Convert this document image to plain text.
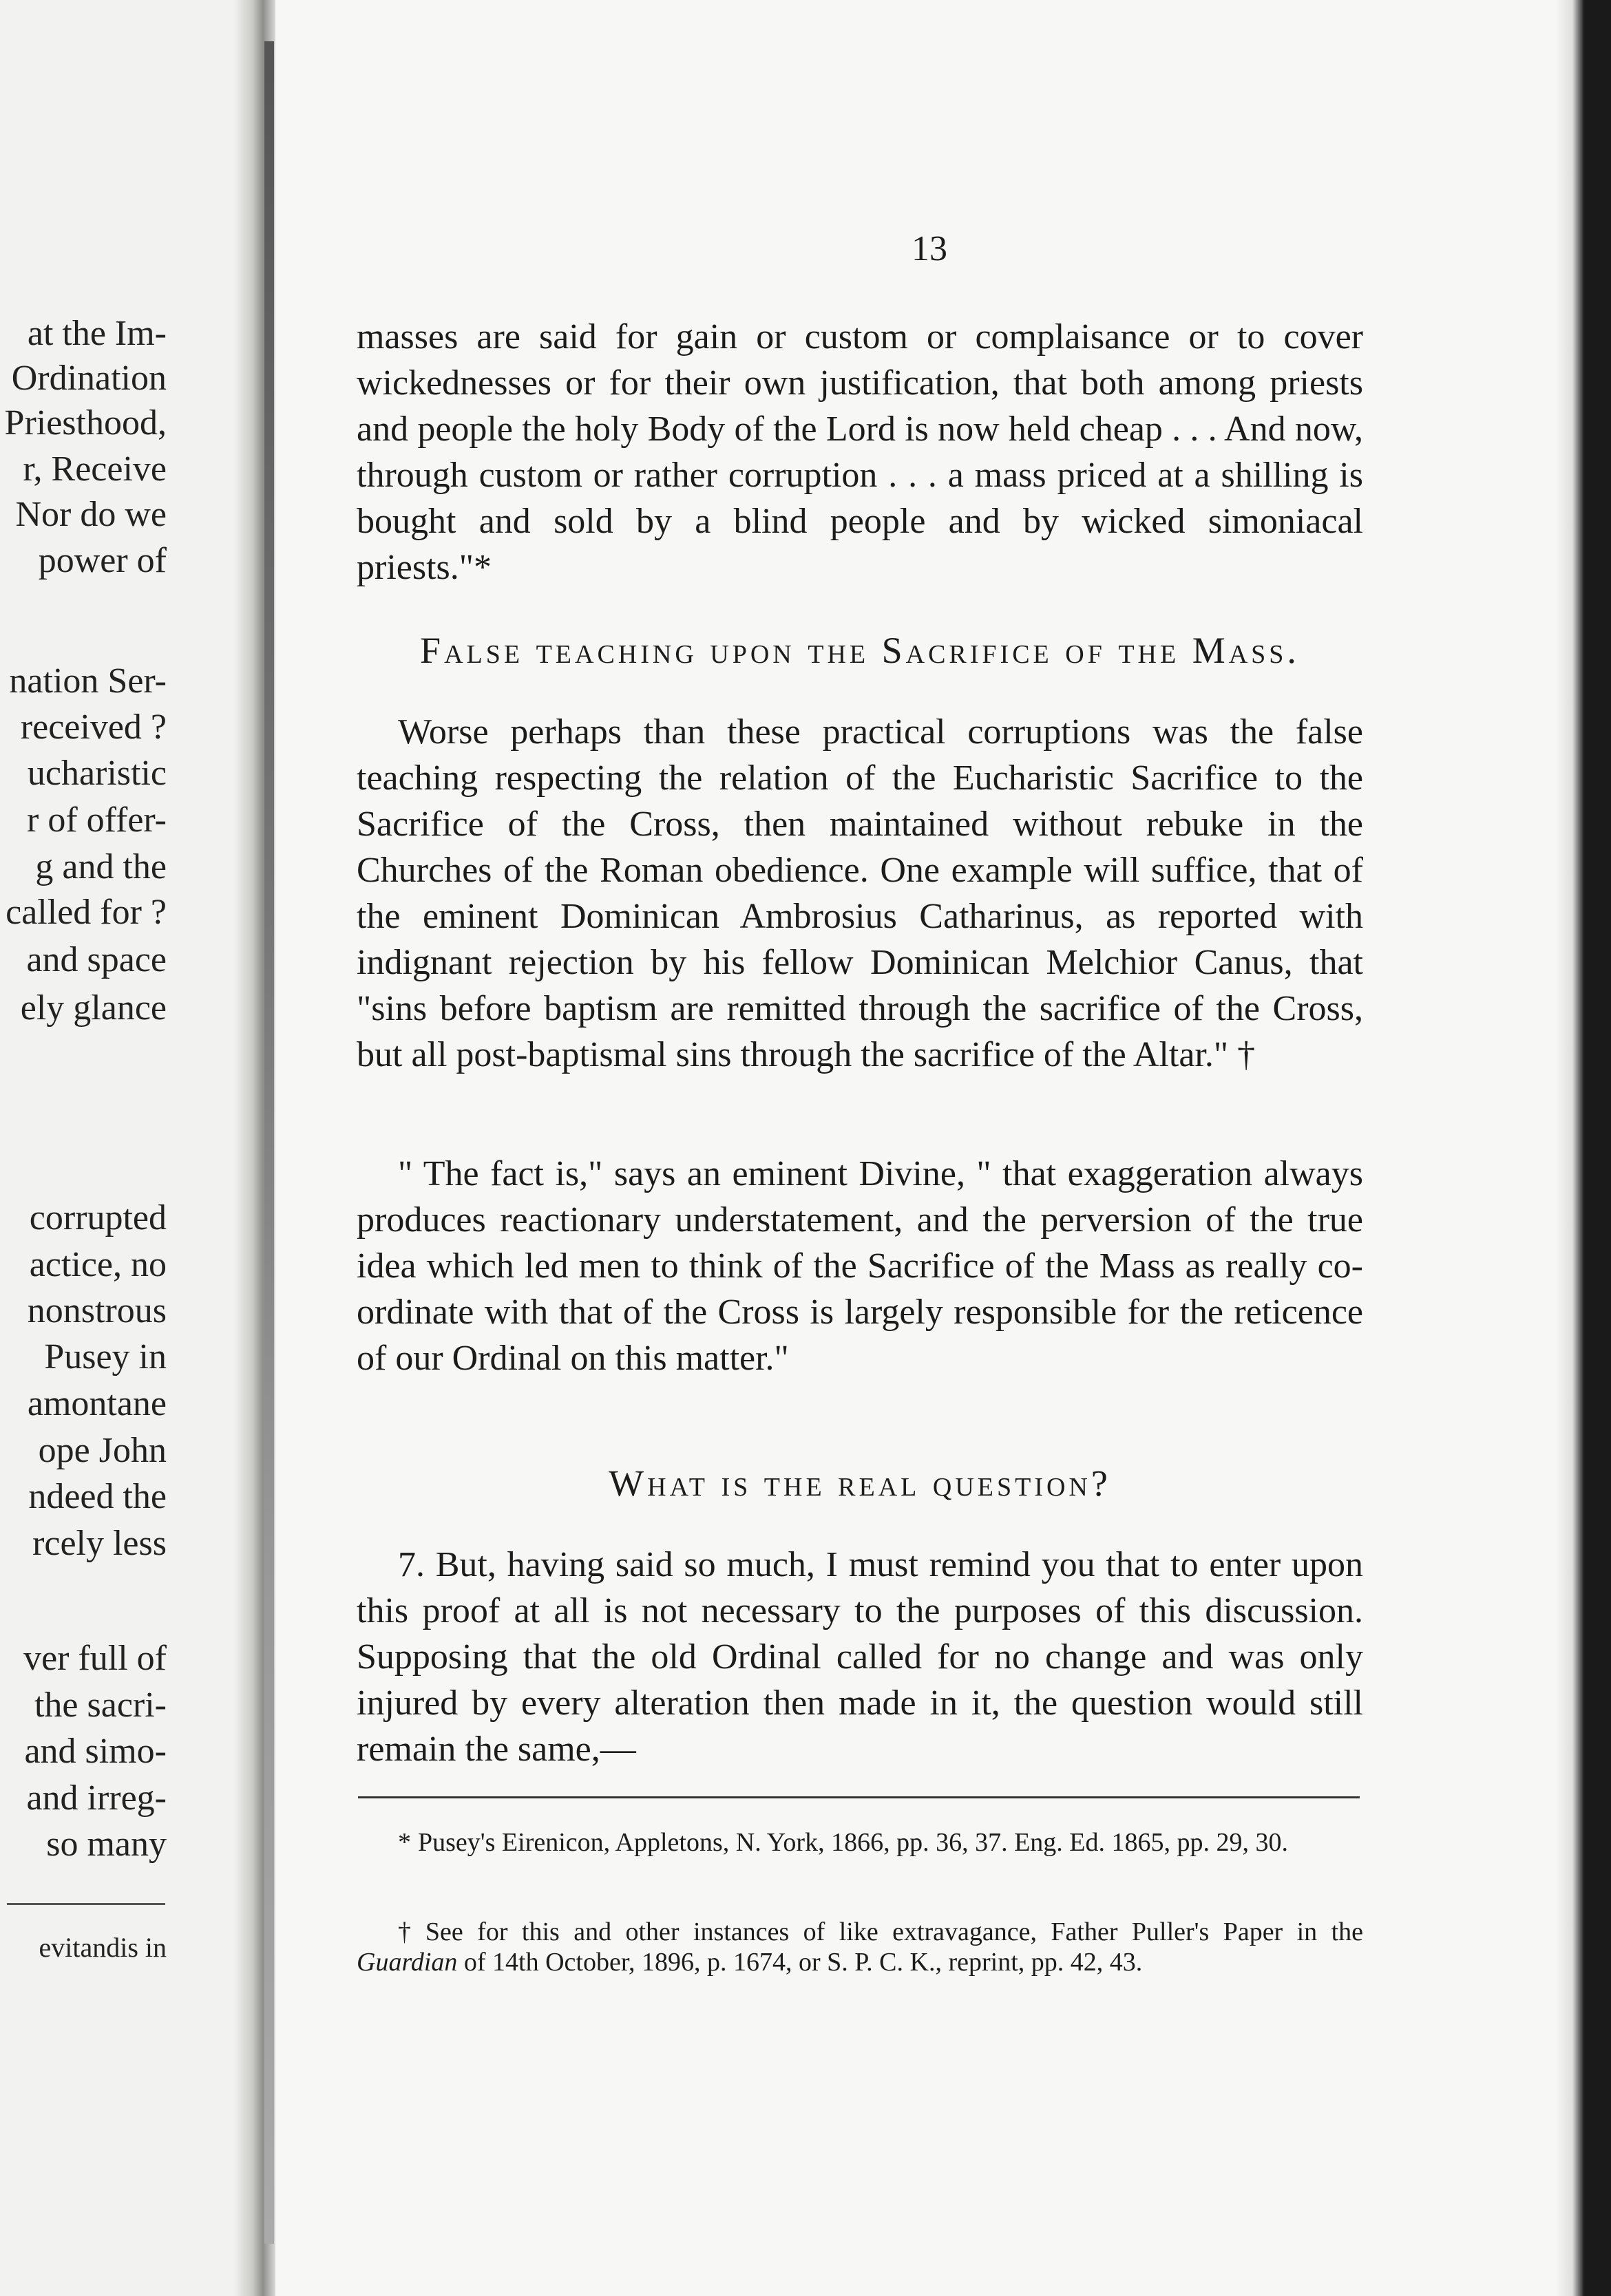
at the Im-
Ordination
Priesthood,
r, Receive
Nor do we
power of
nation Ser-
received ?
ucharistic
r of offer-
g and the
called for ?
and space
ely glance
corrupted
actice, no
nonstrous
Pusey in
amontane
ope John
ndeed the
rcely less
ver full of
the sacri-
and simo-
and irreg-
so many
evitandis in
13

masses are said for gain or custom or complaisance or to cover wickednesses or for their own justification, that both among priests and people the holy Body of the Lord is now held cheap . . . And now, through custom or rather corruption . . . a mass priced at a shilling is bought and sold by a blind people and by wicked simoniacal priests."*

False teaching upon the Sacrifice of the Mass.

Worse perhaps than these practical corruptions was the false teaching respecting the relation of the Eucharistic Sacrifice to the Sacrifice of the Cross, then maintained without rebuke in the Churches of the Roman obedience. One example will suffice, that of the eminent Dominican Ambrosius Catharinus, as reported with indignant rejection by his fellow Dominican Melchior Canus, that "sins before baptism are remitted through the sacrifice of the Cross, but all post-baptismal sins through the sacrifice of the Altar." †

" The fact is," says an eminent Divine, " that exaggeration always produces reactionary understatement, and the perversion of the true idea which led men to think of the Sacrifice of the Mass as really co-ordinate with that of the Cross is largely responsible for the reticence of our Ordinal on this matter."

What is the real question?

7. But, having said so much, I must remind you that to enter upon this proof at all is not necessary to the purposes of this discussion. Supposing that the old Ordinal called for no change and was only injured by every alteration then made in it, the question would still remain the same,—

* Pusey's Eirenicon, Appletons, N. York, 1866, pp. 36, 37. Eng. Ed. 1865, pp. 29, 30.

† See for this and other instances of like extravagance, Father Puller's Paper in the Guardian of 14th October, 1896, p. 1674, or S. P. C. K., reprint, pp. 42, 43.
